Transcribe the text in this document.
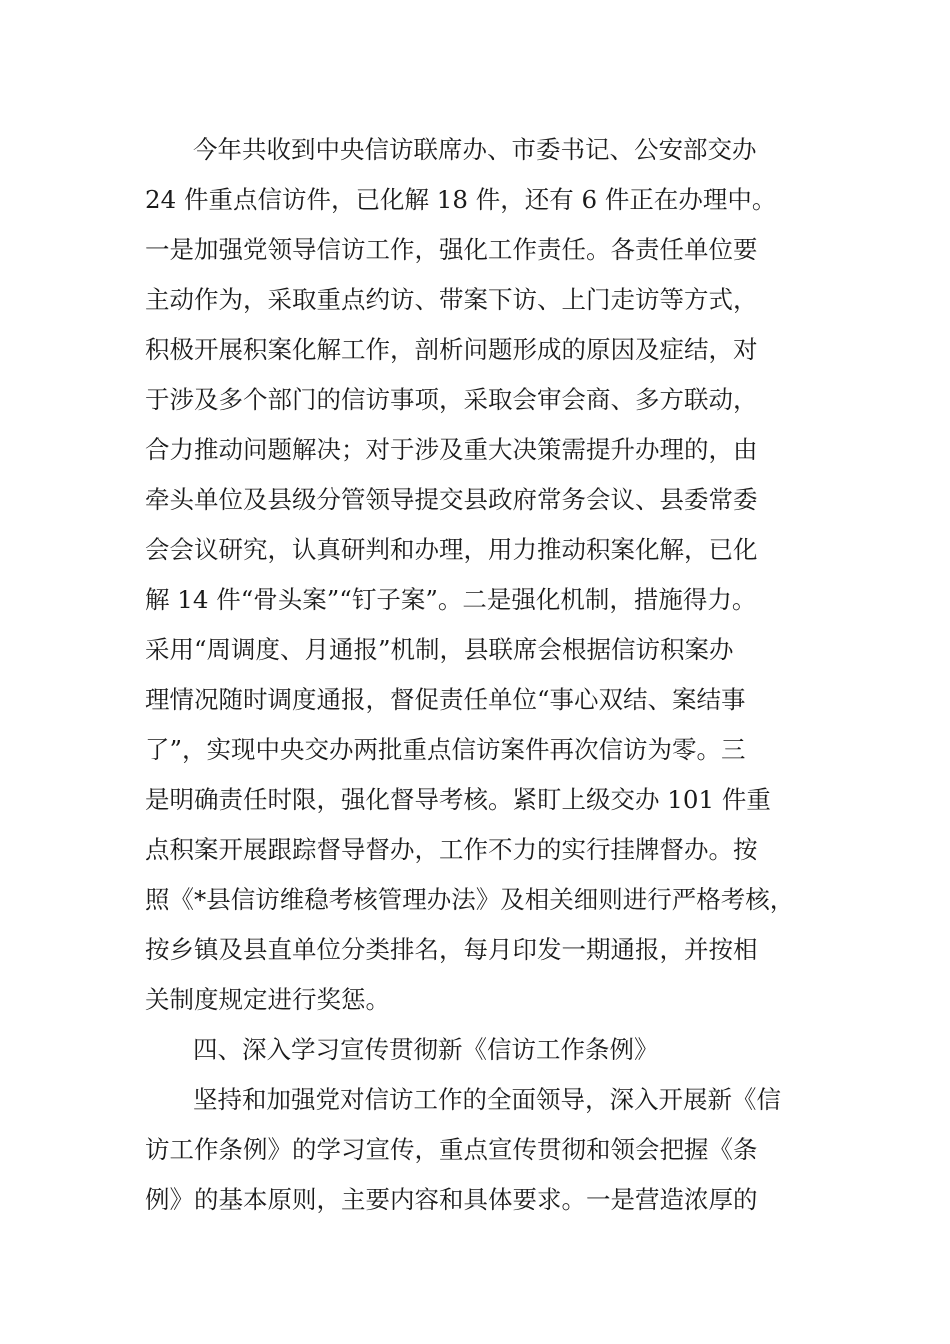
今年共收到中央信访联席办、市委书记、公安部交办
24 件重点信访件，已化解 18 件，还有 6 件正在办理中。
一是加强党领导信访工作，强化工作责任。各责任单位要
主动作为，采取重点约访、带案下访、上门走访等方式，
积极开展积案化解工作，剖析问题形成的原因及症结，对
于涉及多个部门的信访事项，采取会审会商、多方联动，
合力推动问题解决；对于涉及重大决策需提升办理的，由
牵头单位及县级分管领导提交县政府常务会议、县委常委
会会议研究，认真研判和办理，用力推动积案化解，已化
解 14 件“骨头案”“钉子案”。二是强化机制，措施得力。
采用“周调度、月通报”机制，县联席会根据信访积案办
理情况随时调度通报，督促责任单位“事心双结、案结事
了”，实现中央交办两批重点信访案件再次信访为零。三
是明确责任时限，强化督导考核。紧盯上级交办 101 件重
点积案开展跟踪督导督办，工作不力的实行挂牌督办。按
照《*县信访维稳考核管理办法》及相关细则进行严格考核，
按乡镇及县直单位分类排名，每月印发一期通报，并按相
关制度规定进行奖惩。
四、深入学习宣传贯彻新《信访工作条例》
坚持和加强党对信访工作的全面领导，深入开展新《信
访工作条例》的学习宣传，重点宣传贯彻和领会把握《条
例》的基本原则，主要内容和具体要求。一是营造浓厚的
